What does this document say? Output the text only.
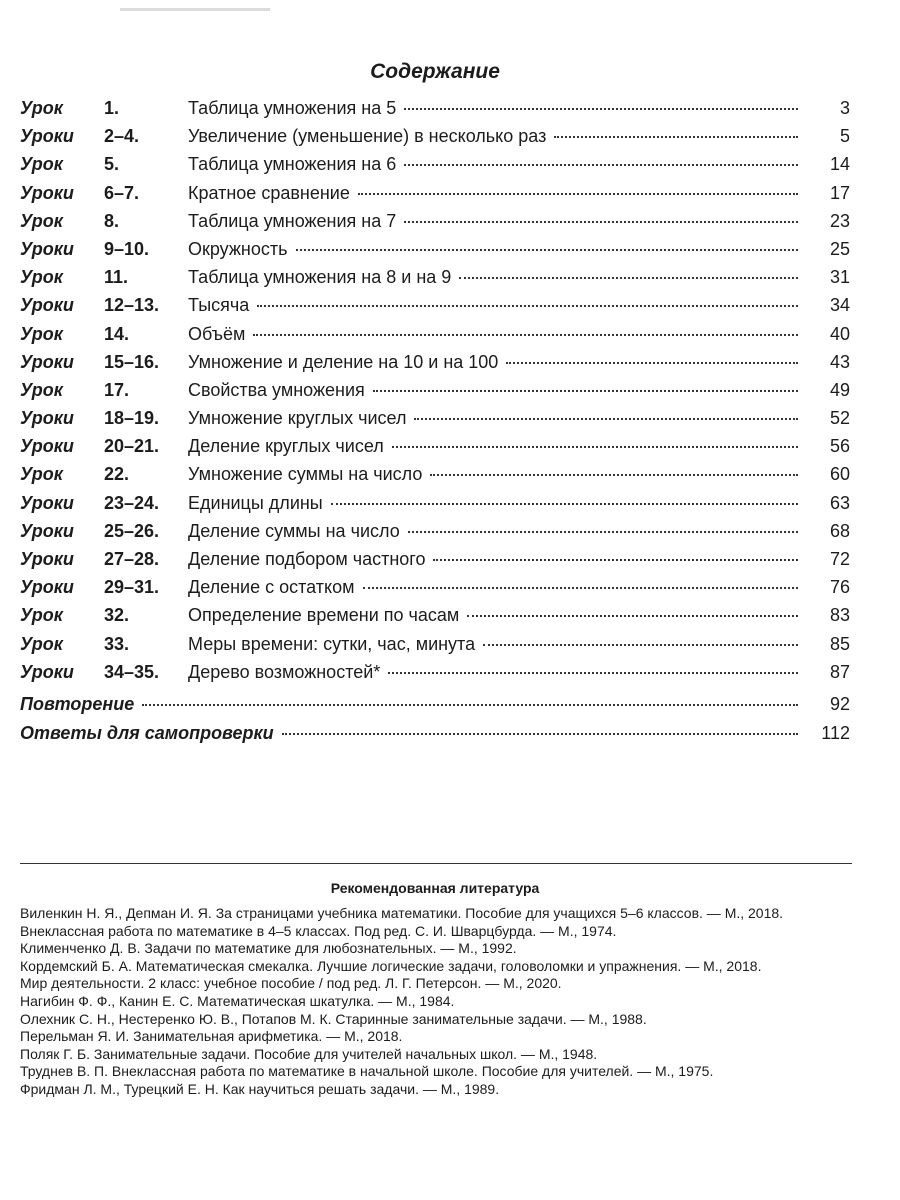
Содержание
Урок	1.	Таблица умножения на 5	3
Уроки	2–4.	Увеличение (уменьшение) в несколько раз	5
Урок	5.	Таблица умножения на 6	14
Уроки	6–7.	Кратное сравнение	17
Урок	8.	Таблица умножения на 7	23
Уроки	9–10.	Окружность	25
Урок	11.	Таблица умножения на 8 и на 9	31
Уроки	12–13.	Тысяча	34
Урок	14.	Объём	40
Уроки	15–16.	Умножение и деление на 10 и на 100	43
Урок	17.	Свойства умножения	49
Уроки	18–19.	Умножение круглых чисел	52
Уроки	20–21.	Деление круглых чисел	56
Урок	22.	Умножение суммы на число	60
Уроки	23–24.	Единицы длины	63
Уроки	25–26.	Деление суммы на число	68
Уроки	27–28.	Деление подбором частного	72
Уроки	29–31.	Деление с остатком	76
Урок	32.	Определение времени по часам	83
Урок	33.	Меры времени: сутки, час, минута	85
Уроки	34–35.	Дерево возможностей*	87
Повторение	92
Ответы для самопроверки	112
Рекомендованная литература
Виленкин Н. Я., Депман И. Я. За страницами учебника математики. Пособие для учащихся 5–6 классов. — М., 2018.
Внеклассная работа по математике в 4–5 классах. Под ред. С. И. Шварцбурда. — М., 1974.
Клименченко Д. В. Задачи по математике для любознательных. — М., 1992.
Кордемский Б. А. Математическая смекалка. Лучшие логические задачи, головоломки и упражнения. — М., 2018.
Мир деятельности. 2 класс: учебное пособие / под ред. Л. Г. Петерсон. — М., 2020.
Нагибин Ф. Ф., Канин Е. С. Математическая шкатулка. — М., 1984.
Олехник С. Н., Нестеренко Ю. В., Потапов М. К. Старинные занимательные задачи. — М., 1988.
Перельман Я. И. Занимательная арифметика. — М., 2018.
Поляк Г. Б. Занимательные задачи. Пособие для учителей начальных школ. — М., 1948.
Труднев В. П. Внеклассная работа по математике в начальной школе. Пособие для учителей. — М., 1975.
Фридман Л. М., Турецкий Е. Н. Как научиться решать задачи. — М., 1989.
